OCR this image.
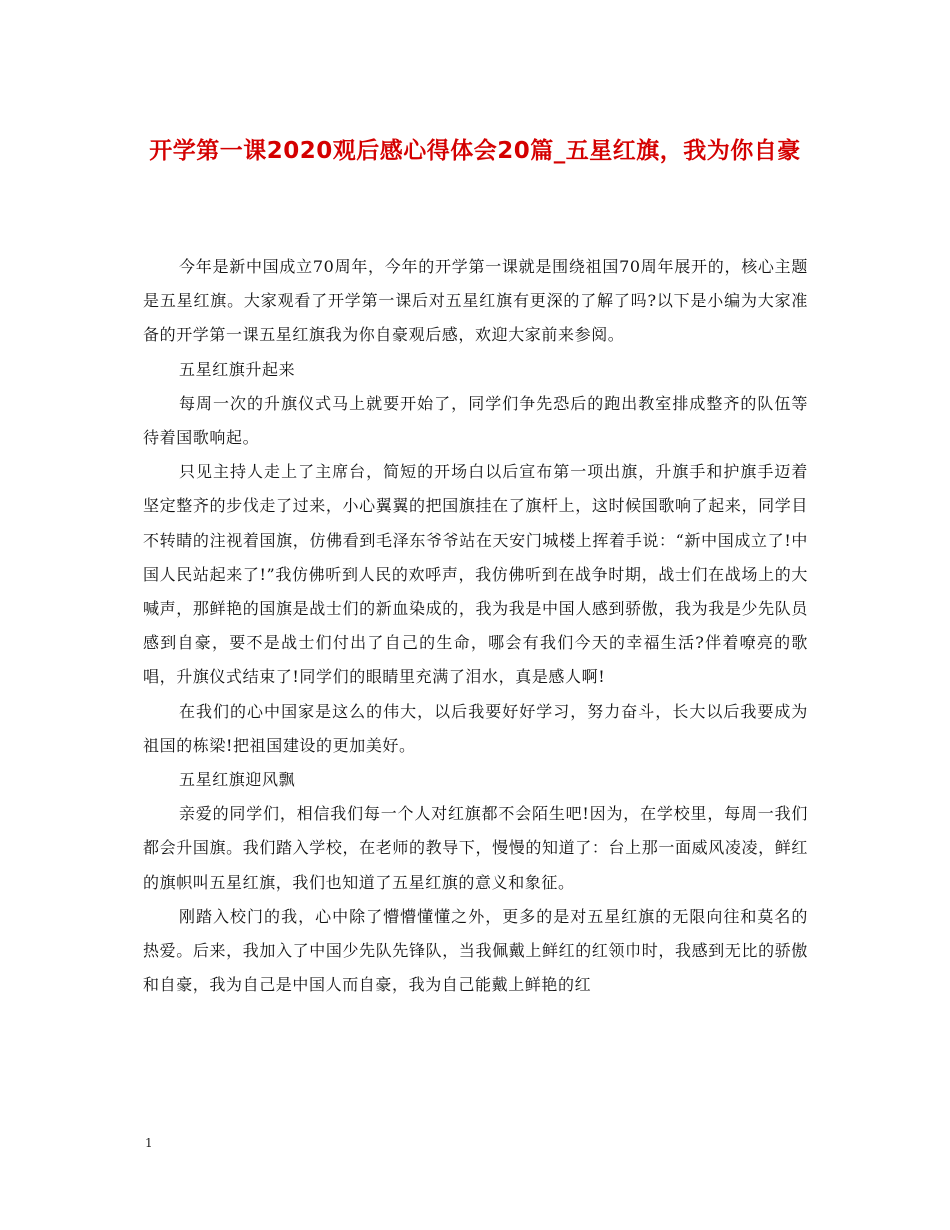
开学第一课2020观后感心得体会20篇_五星红旗，我为你自豪

今年是新中国成立70周年，今年的开学第一课就是围绕祖国70周年展开的，核心主题是五星红旗。大家观看了开学第一课后对五星红旗有更深的了解了吗?以下是小编为大家准备的开学第一课五星红旗我为你自豪观后感，欢迎大家前来参阅。

五星红旗升起来

每周一次的升旗仪式马上就要开始了，同学们争先恐后的跑出教室排成整齐的队伍等待着国歌响起。

只见主持人走上了主席台，简短的开场白以后宣布第一项出旗，升旗手和护旗手迈着坚定整齐的步伐走了过来，小心翼翼的把国旗挂在了旗杆上，这时候国歌响了起来，同学目不转睛的注视着国旗，仿佛看到毛泽东爷爷站在天安门城楼上挥着手说：“新中国成立了!中国人民站起来了!”我仿佛听到人民的欢呼声，我仿佛听到在战争时期，战士们在战场上的大喊声，那鲜艳的国旗是战士们的新血染成的，我为我是中国人感到骄傲，我为我是少先队员感到自豪，要不是战士们付出了自己的生命，哪会有我们今天的幸福生活?伴着嘹亮的歌唱，升旗仪式结束了!同学们的眼睛里充满了泪水，真是感人啊!

在我们的心中国家是这么的伟大，以后我要好好学习，努力奋斗，长大以后我要成为祖国的栋梁!把祖国建设的更加美好。

五星红旗迎风飘

亲爱的同学们，相信我们每一个人对红旗都不会陌生吧!因为，在学校里，每周一我们都会升国旗。我们踏入学校，在老师的教导下，慢慢的知道了：台上那一面威风凌凌，鲜红的旗帜叫五星红旗，我们也知道了五星红旗的意义和象征。

刚踏入校门的我，心中除了懵懵懂懂之外，更多的是对五星红旗的无限向往和莫名的热爱。后来，我加入了中国少先队先锋队，当我佩戴上鲜红的红领巾时，我感到无比的骄傲和自豪，我为自己是中国人而自豪，我为自己能戴上鲜艳的红

1
